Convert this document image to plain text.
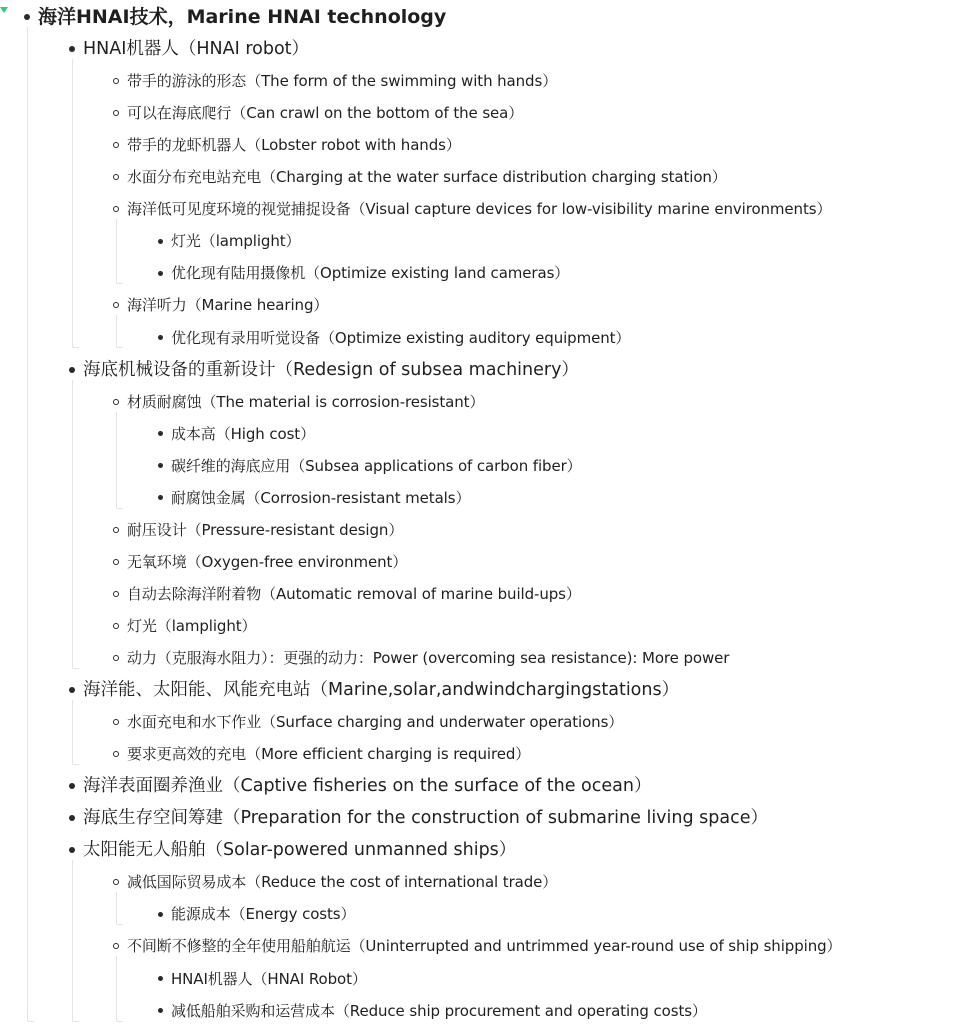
海洋HNAI技术，Marine HNAI technology
HNAI机器人（HNAI robot）
带手的游泳的形态（The form of the swimming with hands）
可以在海底爬行（Can crawl on the bottom of the sea）
带手的龙虾机器人（Lobster robot with hands）
水面分布充电站充电（Charging at the water surface distribution charging station）
海洋低可见度环境的视觉捕捉设备（Visual capture devices for low-visibility marine environments）
灯光（lamplight）
优化现有陆用摄像机（Optimize existing land cameras）
海洋听力（Marine hearing）
优化现有录用听觉设备（Optimize existing auditory equipment）
海底机械设备的重新设计（Redesign of subsea machinery）
材质耐腐蚀（The material is corrosion-resistant）
成本高（High cost）
碳纤维的海底应用（Subsea applications of carbon fiber）
耐腐蚀金属（Corrosion-resistant metals）
耐压设计（Pressure-resistant design）
无氧环境（Oxygen-free environment）
自动去除海洋附着物（Automatic removal of marine build-ups）
灯光（lamplight）
动力（克服海水阻力）：更强的动力：Power (overcoming sea resistance): More power
海洋能、太阳能、风能充电站（Marine,solar,andwindchargingstations）
水面充电和水下作业（Surface charging and underwater operations）
要求更高效的充电（More efficient charging is required）
海洋表面圈养渔业（Captive fisheries on the surface of the ocean）
海底生存空间筹建（Preparation for the construction of submarine living space）
太阳能无人船舶（Solar-powered unmanned ships）
减低国际贸易成本（Reduce the cost of international trade）
能源成本（Energy costs）
不间断不修整的全年使用船舶航运（Uninterrupted and untrimmed year-round use of ship shipping）
HNAI机器人（HNAI Robot）
减低船舶采购和运营成本（Reduce ship procurement and operating costs）
